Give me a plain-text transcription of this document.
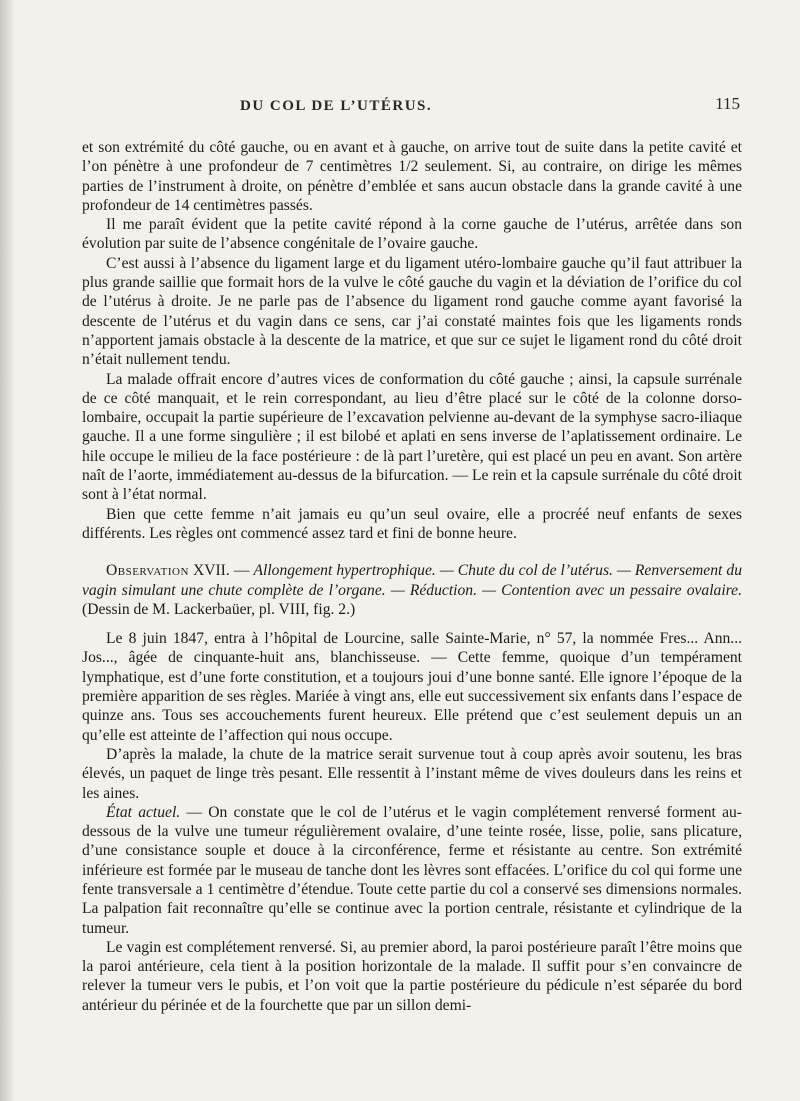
DU COL DE L’UTÉRUS.	115

et son extrémité du côté gauche, ou en avant et à gauche, on arrive tout de suite dans la petite cavité et l’on pénètre à une profondeur de 7 centimètres 1/2 seulement. Si, au contraire, on dirige les mêmes parties de l’instrument à droite, on pénètre d’emblée et sans aucun obstacle dans la grande cavité à une profondeur de 14 centimètres passés.

Il me paraît évident que la petite cavité répond à la corne gauche de l’utérus, arrêtée dans son évolution par suite de l’absence congénitale de l’ovaire gauche.

C’est aussi à l’absence du ligament large et du ligament utéro-lombaire gauche qu’il faut attribuer la plus grande saillie que formait hors de la vulve le côté gauche du vagin et la déviation de l’orifice du col de l’utérus à droite. Je ne parle pas de l’absence du ligament rond gauche comme ayant favorisé la descente de l’utérus et du vagin dans ce sens, car j’ai constaté maintes fois que les ligaments ronds n’apportent jamais obstacle à la descente de la matrice, et que sur ce sujet le ligament rond du côté droit n’était nullement tendu.

La malade offrait encore d’autres vices de conformation du côté gauche ; ainsi, la capsule surrénale de ce côté manquait, et le rein correspondant, au lieu d’être placé sur le côté de la colonne dorso-lombaire, occupait la partie supérieure de l’excavation pelvienne au-devant de la symphyse sacro-iliaque gauche. Il a une forme singulière ; il est bilobé et aplati en sens inverse de l’aplatissement ordinaire. Le hile occupe le milieu de la face postérieure : de là part l’uretère, qui est placé un peu en avant. Son artère naît de l’aorte, immédiatement au-dessus de la bifurcation. — Le rein et la capsule surrénale du côté droit sont à l’état normal.

Bien que cette femme n’ait jamais eu qu’un seul ovaire, elle a procréé neuf enfants de sexes différents. Les règles ont commencé assez tard et fini de bonne heure.

Observation XVII. — Allongement hypertrophique. — Chute du col de l’utérus. — Renversement du vagin simulant une chute complète de l’organe. — Réduction. — Contention avec un pessaire ovalaire. (Dessin de M. Lackerbaüer, pl. VIII, fig. 2.)

Le 8 juin 1847, entra à l’hôpital de Lourcine, salle Sainte-Marie, n° 57, la nommée Fres... Ann... Jos..., âgée de cinquante-huit ans, blanchisseuse. — Cette femme, quoique d’un tempérament lymphatique, est d’une forte constitution, et a toujours joui d’une bonne santé. Elle ignore l’époque de la première apparition de ses règles. Mariée à vingt ans, elle eut successivement six enfants dans l’espace de quinze ans. Tous ses accouchements furent heureux. Elle prétend que c’est seulement depuis un an qu’elle est atteinte de l’affection qui nous occupe.

D’après la malade, la chute de la matrice serait survenue tout à coup après avoir soutenu, les bras élevés, un paquet de linge très pesant. Elle ressentit à l’instant même de vives douleurs dans les reins et les aines.

État actuel. — On constate que le col de l’utérus et le vagin complétement renversé forment au-dessous de la vulve une tumeur régulièrement ovalaire, d’une teinte rosée, lisse, polie, sans plicature, d’une consistance souple et douce à la circonférence, ferme et résistante au centre. Son extrémité inférieure est formée par le museau de tanche dont les lèvres sont effacées. L’orifice du col qui forme une fente transversale a 1 centimètre d’étendue. Toute cette partie du col a conservé ses dimensions normales. La palpation fait reconnaître qu’elle se continue avec la portion centrale, résistante et cylindrique de la tumeur.

Le vagin est complétement renversé. Si, au premier abord, la paroi postérieure paraît l’être moins que la paroi antérieure, cela tient à la position horizontale de la malade. Il suffit pour s’en convaincre de relever la tumeur vers le pubis, et l’on voit que la partie postérieure du pédicule n’est séparée du bord antérieur du périnée et de la fourchette que par un sillon demi-
